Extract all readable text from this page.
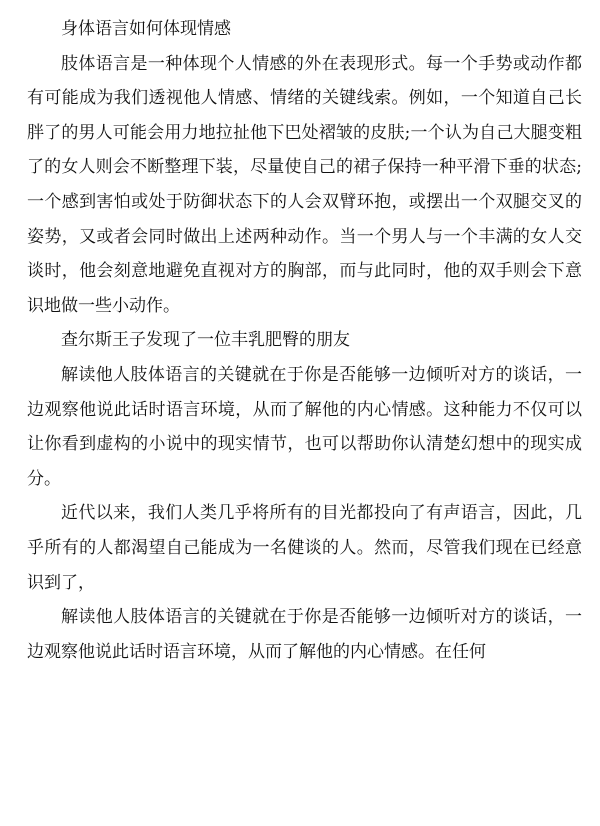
身体语言如何体现情感

肢体语言是一种体现个人情感的外在表现形式。每一个手势或动作都有可能成为我们透视他人情感、情绪的关键线索。例如，一个知道自己长胖了的男人可能会用力地拉扯他下巴处褶皱的皮肤;一个认为自己大腿变粗了的女人则会不断整理下装，尽量使自己的裙子保持一种平滑下垂的状态;一个感到害怕或处于防御状态下的人会双臂环抱，或摆出一个双腿交叉的姿势，又或者会同时做出上述两种动作。当一个男人与一个丰满的女人交谈时，他会刻意地避免直视对方的胸部，而与此同时，他的双手则会下意识地做一些小动作。

查尔斯王子发现了一位丰乳肥臀的朋友

解读他人肢体语言的关键就在于你是否能够一边倾听对方的谈话，一边观察他说此话时语言环境，从而了解他的内心情感。这种能力不仅可以让你看到虚构的小说中的现实情节，也可以帮助你认清楚幻想中的现实成分。

近代以来，我们人类几乎将所有的目光都投向了有声语言，因此，几乎所有的人都渴望自己能成为一名健谈的人。然而，尽管我们现在已经意识到了，

解读他人肢体语言的关键就在于你是否能够一边倾听对方的谈话，一边观察他说此话时语言环境，从而了解他的内心情感。在任何
